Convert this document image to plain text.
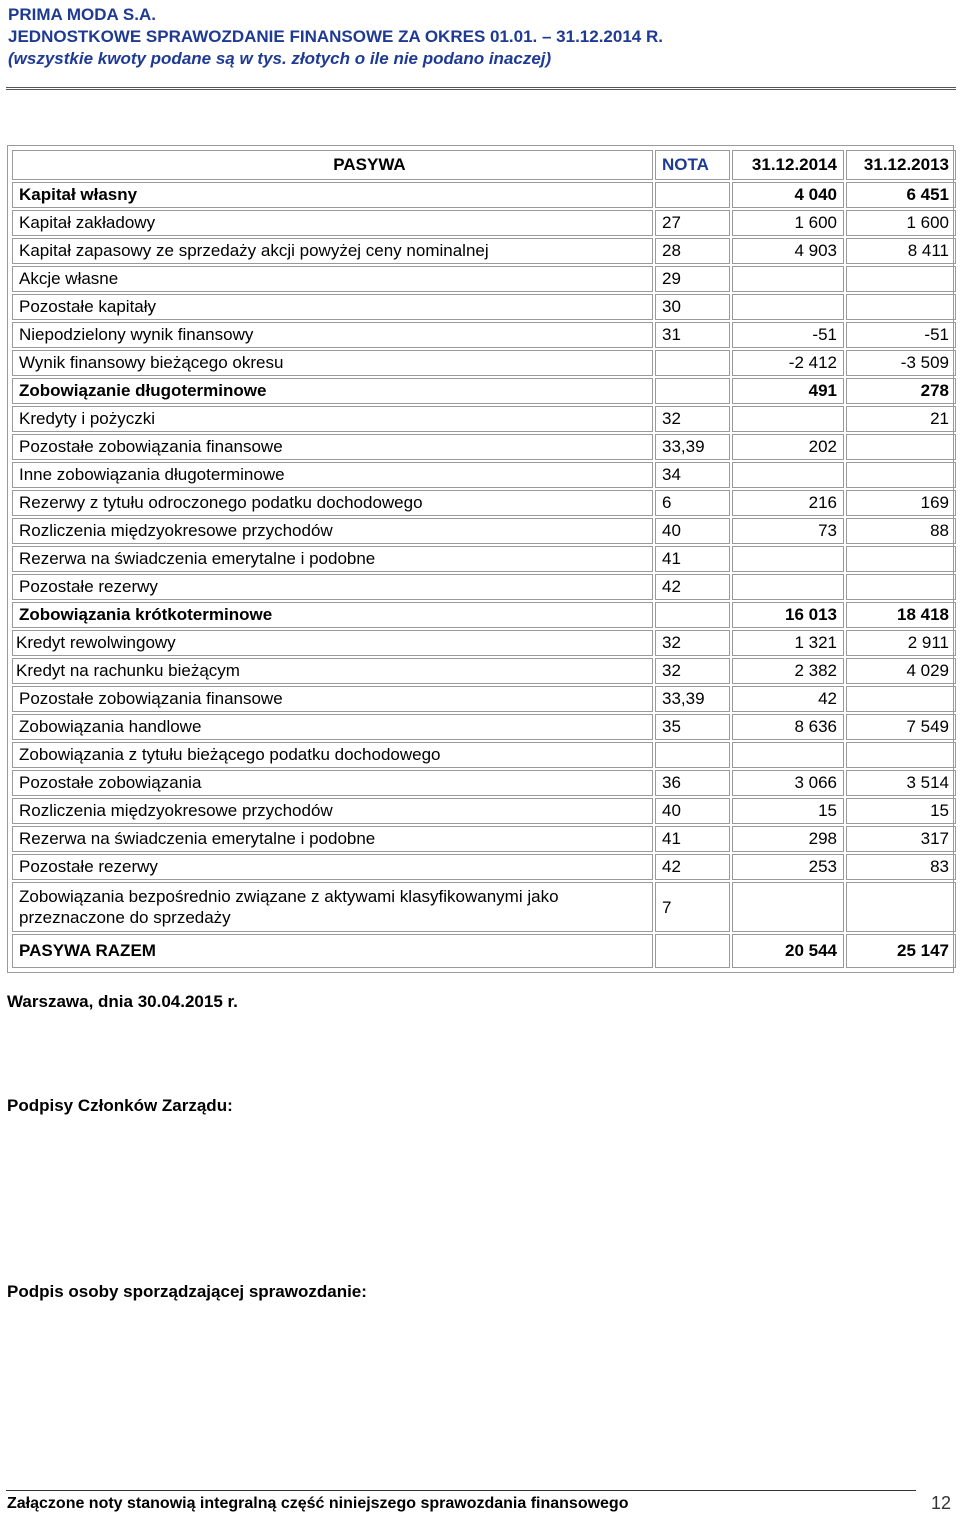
PRIMA MODA S.A.
JEDNOSTKOWE SPRAWOZDANIE FINANSOWE ZA OKRES 01.01. – 31.12.2014 R.
(wszystkie kwoty podane są w tys. złotych o ile nie podano inaczej)
PASYWA	NOTA	31.12.2014	31.12.2013
Kapitał własny		4 040	6 451
Kapitał zakładowy	27	1 600	1 600
Kapitał zapasowy ze sprzedaży akcji powyżej ceny nominalnej	28	4 903	8 411
Akcje własne	29		
Pozostałe kapitały	30		
Niepodzielony wynik finansowy	31	-51	-51
Wynik finansowy bieżącego okresu		-2 412	-3 509
Zobowiązanie długoterminowe		491	278
Kredyty i pożyczki	32		21
Pozostałe zobowiązania finansowe	33,39	202	
Inne zobowiązania długoterminowe	34		
Rezerwy z tytułu odroczonego podatku dochodowego	6	216	169
Rozliczenia międzyokresowe przychodów	40	73	88
Rezerwa na świadczenia emerytalne i podobne	41		
Pozostałe rezerwy	42		
Zobowiązania krótkoterminowe		16 013	18 418
Kredyt rewolwingowy	32	1 321	2 911
Kredyt na rachunku bieżącym	32	2 382	4 029
Pozostałe zobowiązania finansowe	33,39	42	
Zobowiązania handlowe	35	8 636	7 549
Zobowiązania z tytułu bieżącego podatku dochodowego			
Pozostałe zobowiązania	36	3 066	3 514
Rozliczenia międzyokresowe przychodów	40	15	15
Rezerwa na świadczenia emerytalne i podobne	41	298	317
Pozostałe rezerwy	42	253	83
Zobowiązania bezpośrednio związane z aktywami klasyfikowanymi jako przeznaczone do sprzedaży	7		
PASYWA RAZEM		20 544	25 147
Warszawa, dnia 30.04.2015 r.
Podpisy Członków Zarządu:
Podpis osoby sporządzającej sprawozdanie:
Załączone noty stanowią integralną część niniejszego sprawozdania finansowego	12
